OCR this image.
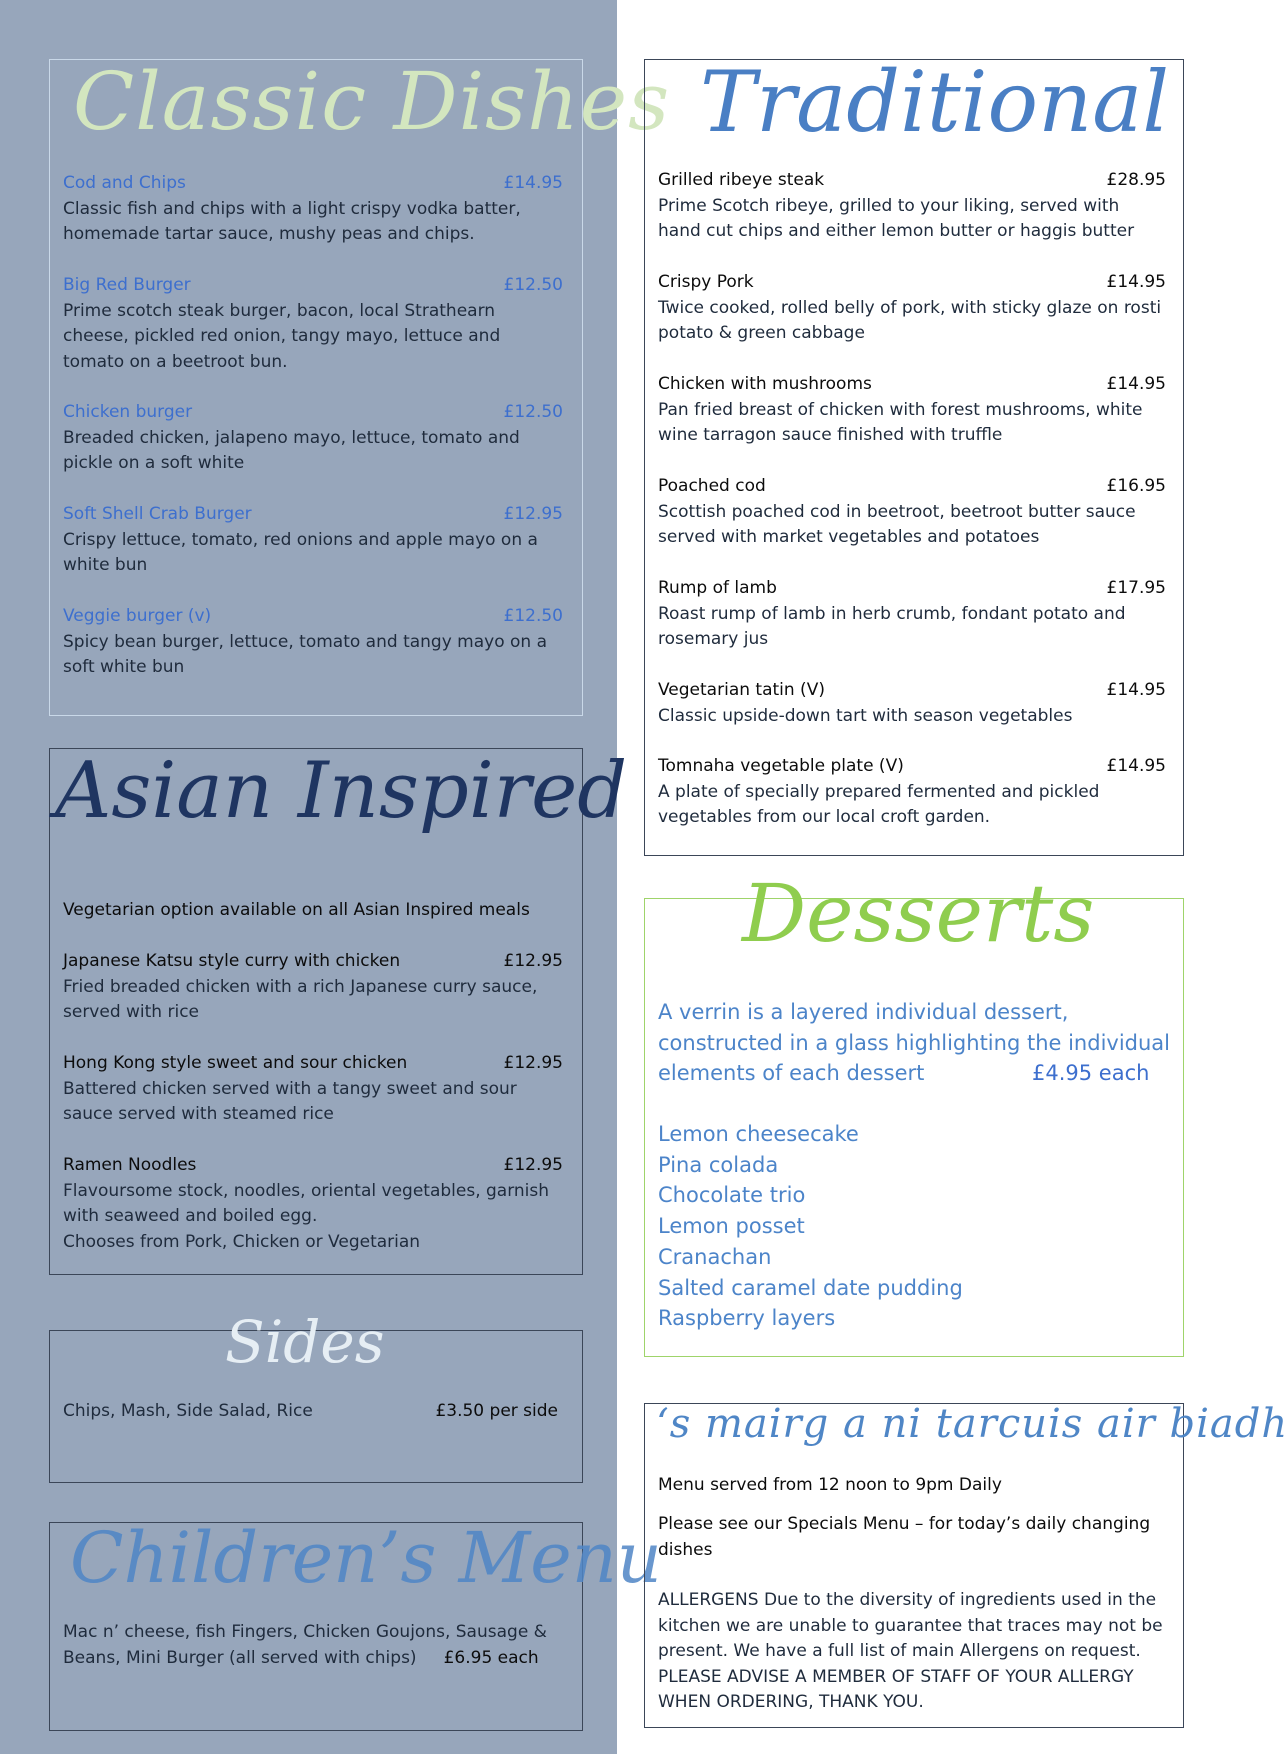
Classic Dishes
Cod and Chips	£14.95

Classic fish and chips with a light crispy vodka batter, homemade tartar sauce, mushy peas and chips.

Big Red Burger	£12.50

Prime scotch steak burger, bacon, local Strathearn cheese, pickled red onion, tangy mayo, lettuce and tomato on a beetroot bun.

Chicken burger	£12.50

Breaded chicken, jalapeno mayo, lettuce, tomato and pickle on a soft white

Soft Shell Crab Burger	£12.95

Crispy lettuce, tomato, red onions and apple mayo on a white bun

Veggie burger (v)	£12.50

Spicy bean burger, lettuce, tomato and tangy mayo on a soft white bun

Asian Inspired
Vegetarian option available on all Asian Inspired meals
Japanese Katsu style curry with chicken	£12.95

Fried breaded chicken with a rich Japanese curry sauce, served with rice

Hong Kong style sweet and sour chicken	£12.95

Battered chicken served with a tangy sweet and sour sauce served with steamed rice

Ramen Noodles	£12.95

Flavoursome stock, noodles, oriental vegetables, garnish with seaweed and boiled egg.

Chooses from Pork, Chicken or Vegetarian

Sides
Chips, Mash, Side Salad, Rice	£3.50 per side
Children’s Menu
Mac n’ cheese, fish Fingers, Chicken Goujons, Sausage &
Beans, Mini Burger (all served with chips) £6.95 each
Traditional
Grilled ribeye steak	£28.95

Prime Scotch ribeye, grilled to your liking, served with hand cut chips and either lemon butter or haggis butter

Crispy Pork	£14.95

Twice cooked, rolled belly of pork, with sticky glaze on rosti potato & green cabbage

Chicken with mushrooms	£14.95

Pan fried breast of chicken with forest mushrooms, white wine tarragon sauce finished with truffle

Poached cod	£16.95

Scottish poached cod in beetroot, beetroot butter sauce served with market vegetables and potatoes

Rump of lamb	£17.95

Roast rump of lamb in herb crumb, fondant potato and rosemary jus

Vegetarian tatin (V)	£14.95

Classic upside-down tart with season vegetables

Tomnaha vegetable plate (V)	£14.95

A plate of specially prepared fermented and pickled vegetables from our local croft garden.

Desserts
A verrin is a layered individual dessert,
constructed in a glass highlighting the individual
elements of each dessert	£4.95 each
Lemon cheesecake
Pina colada
Chocolate trio
Lemon posset
Cranachan
Salted caramel date pudding
Raspberry layers
‘s mairg a ni tarcuis air biadh
Menu served from 12 noon to 9pm Daily
Please see our Specials Menu – for today’s daily changing dishes
ALLERGENS Due to the diversity of ingredients used in the kitchen we are unable to guarantee that traces may not be present. We have a full list of main Allergens on request. PLEASE ADVISE A MEMBER OF STAFF OF YOUR ALLERGY WHEN ORDERING, THANK YOU.
